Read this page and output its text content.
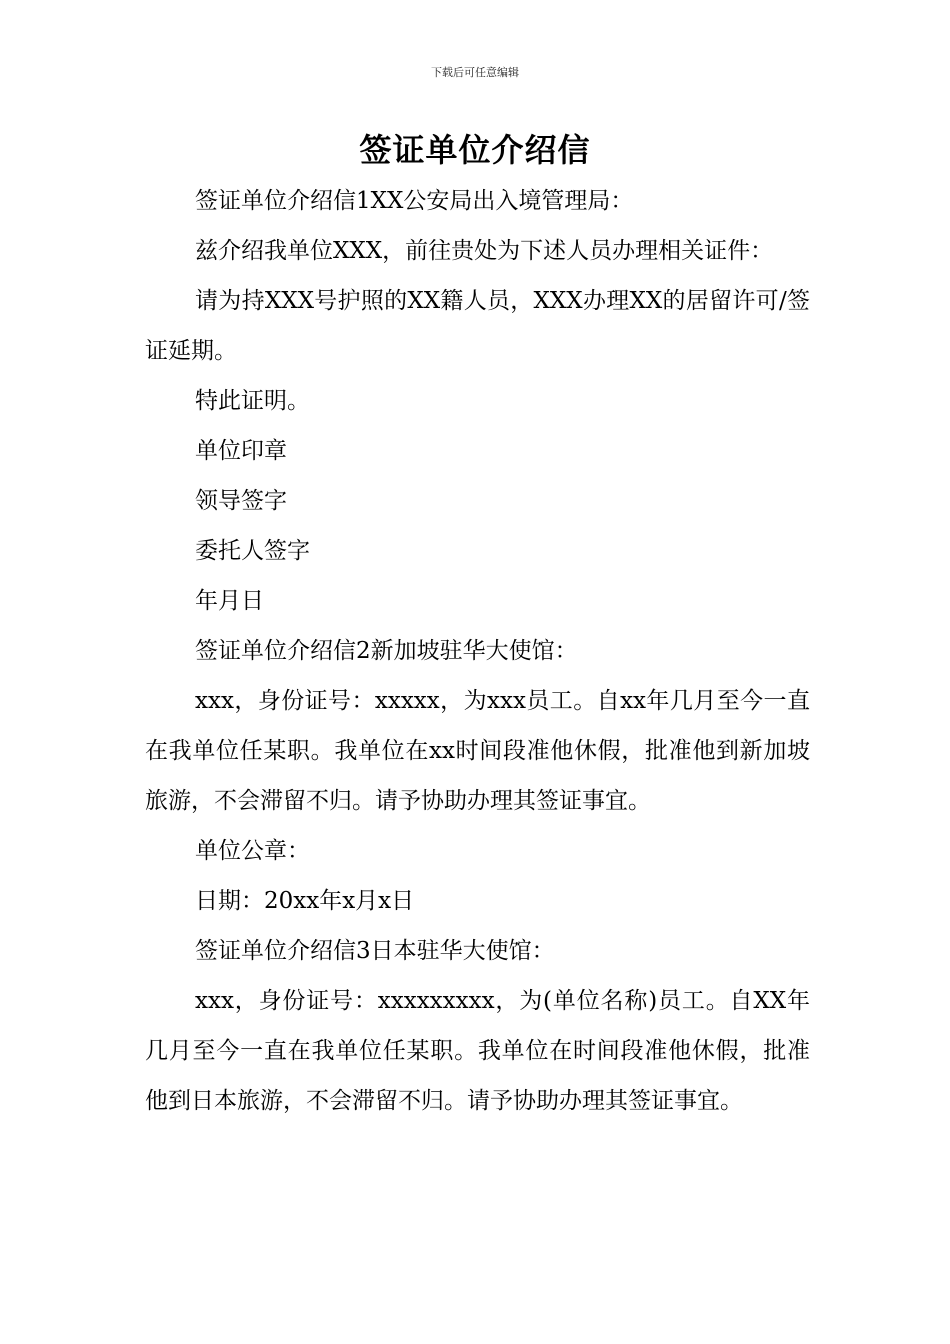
下载后可任意编辑
签证单位介绍信

签证单位介绍信1XX公安局出入境管理局：

兹介绍我单位XXX，前往贵处为下述人员办理相关证件：

请为持XXX号护照的XX籍人员，XXX办理XX的居留许可/签证延期。

特此证明。

单位印章

领导签字

委托人签字

年月日

签证单位介绍信2新加坡驻华大使馆：

xxx，身份证号：xxxxx，为xxx员工。自xx年几月至今一直在我单位任某职。我单位在xx时间段准他休假，批准他到新加坡旅游，不会滞留不归。请予协助办理其签证事宜。

单位公章：

日期：20xx年x月x日

签证单位介绍信3日本驻华大使馆：

xxx，身份证号：xxxxxxxxx，为(单位名称)员工。自XX年几月至今一直在我单位任某职。我单位在时间段准他休假，批准他到日本旅游，不会滞留不归。请予协助办理其签证事宜。
